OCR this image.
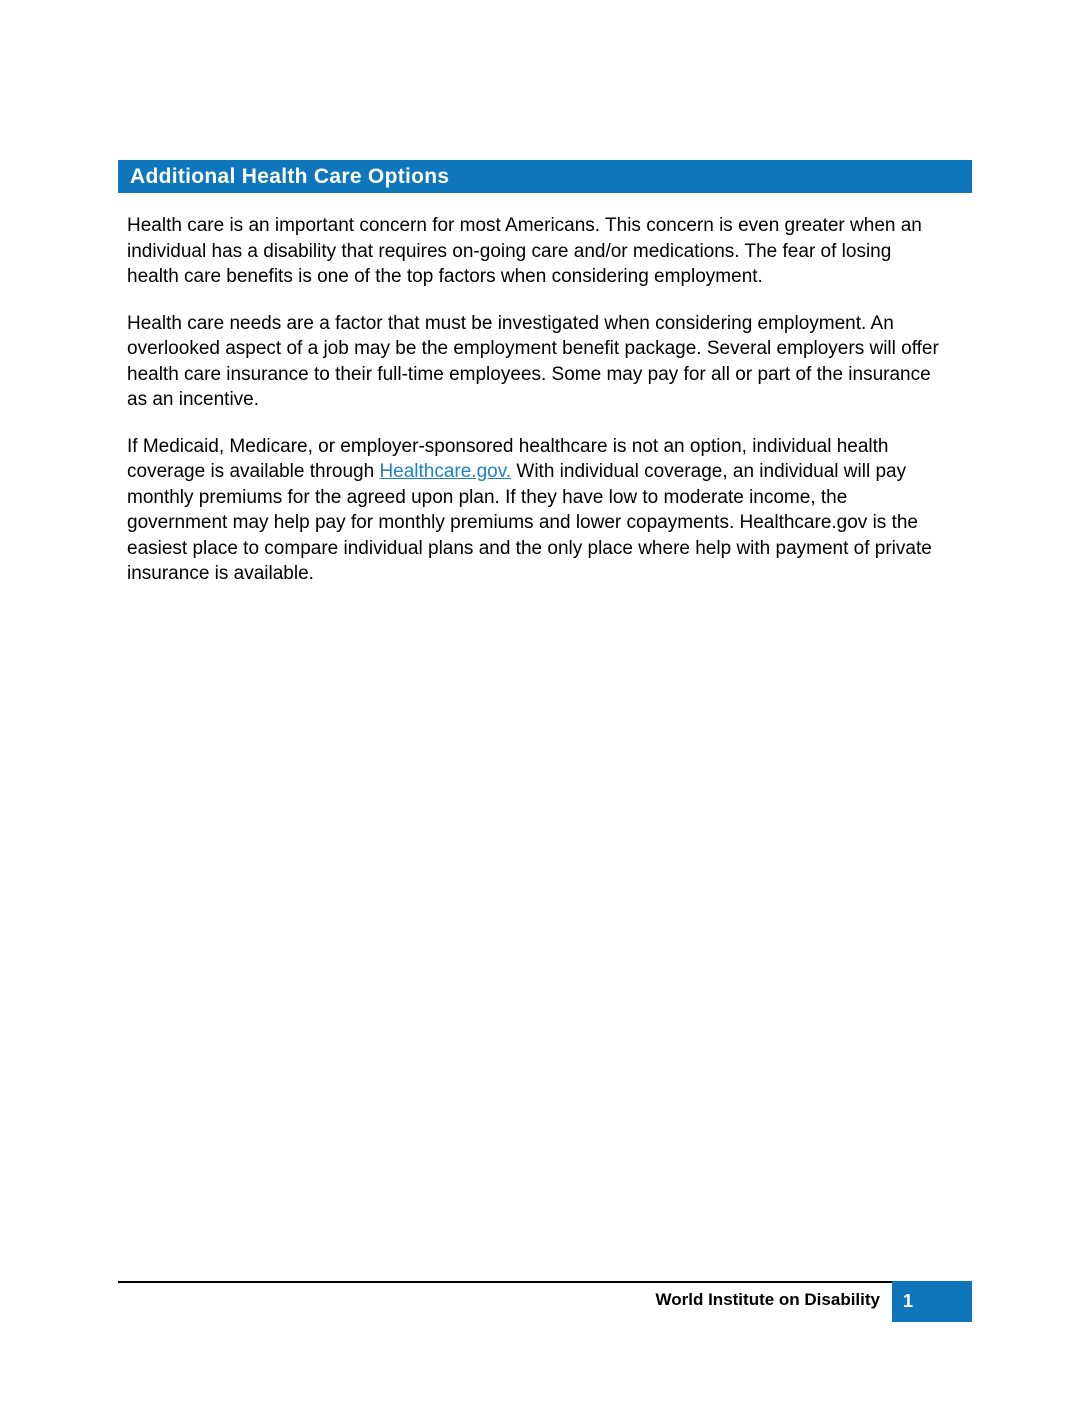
Additional Health Care Options

Health care is an important concern for most Americans. This concern is even greater when an individual has a disability that requires on-going care and/or medications. The fear of losing health care benefits is one of the top factors when considering employment.

Health care needs are a factor that must be investigated when considering employment. An overlooked aspect of a job may be the employment benefit package. Several employers will offer health care insurance to their full-time employees. Some may pay for all or part of the insurance as an incentive.

If Medicaid, Medicare, or employer-sponsored healthcare is not an option, individual health coverage is available through Healthcare.gov. With individual coverage, an individual will pay monthly premiums for the agreed upon plan. If they have low to moderate income, the government may help pay for monthly premiums and lower copayments. Healthcare.gov is the easiest place to compare individual plans and the only place where help with payment of private insurance is available.

World Institute on Disability	1
